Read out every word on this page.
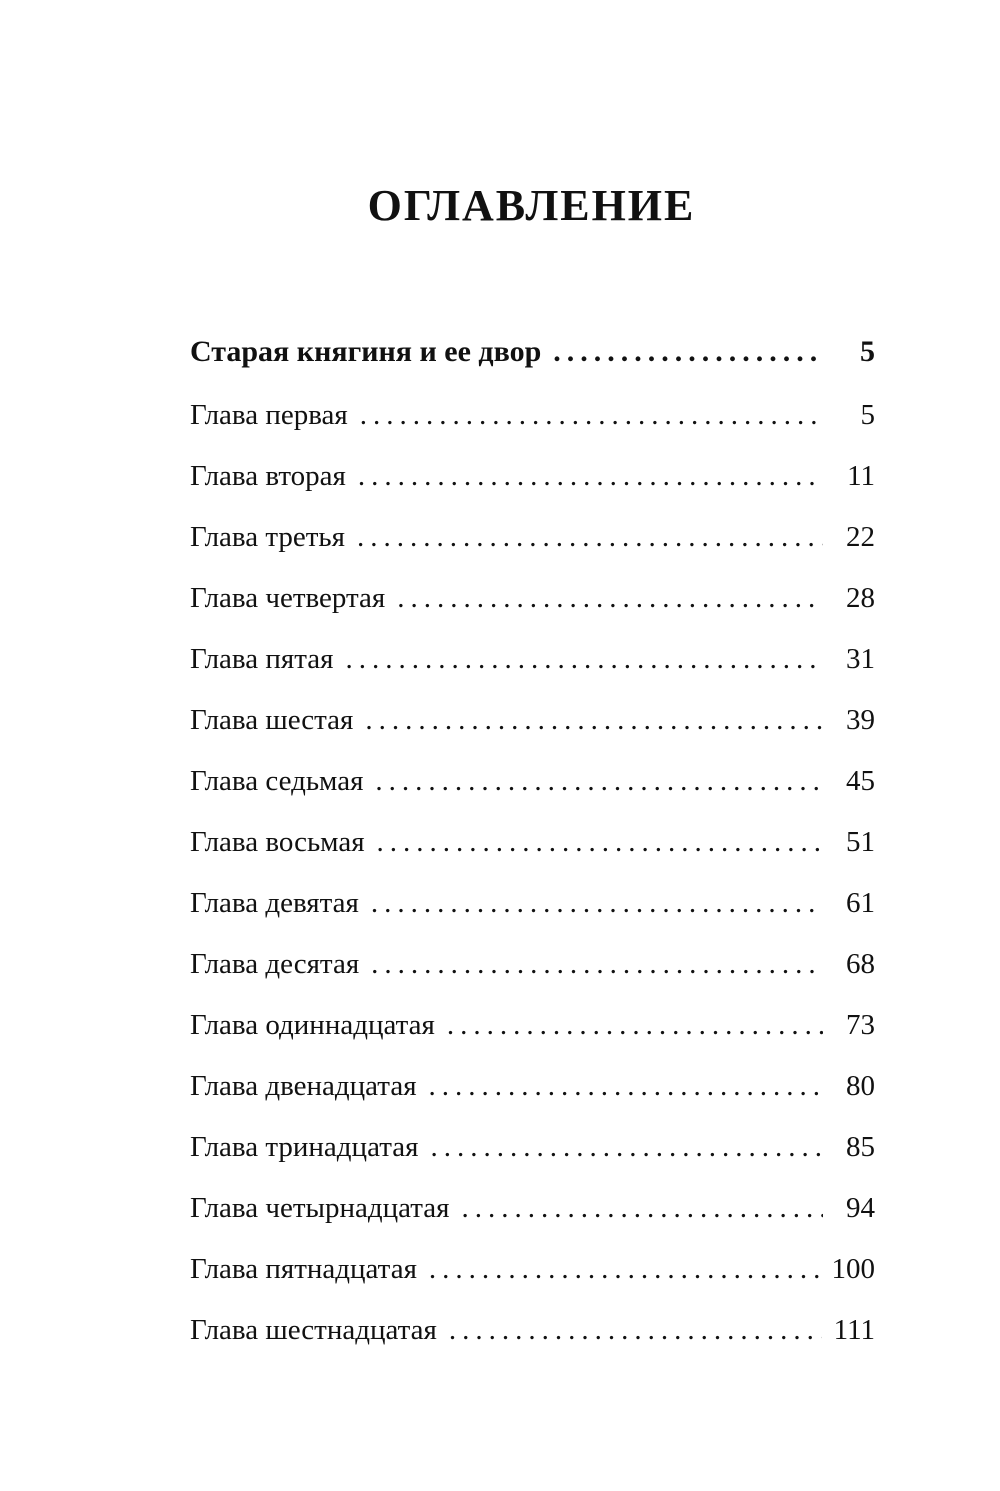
ОГЛАВЛЕНИЕ
Старая княгиня и ее двор .....	5
Глава первая .....	5
Глава вторая .....	11
Глава третья .....	22
Глава четвертая .....	28
Глава пятая .....	31
Глава шестая .....	39
Глава седьмая .....	45
Глава восьмая .....	51
Глава девятая .....	61
Глава десятая .....	68
Глава одиннадцатая .....	73
Глава двенадцатая .....	80
Глава тринадцатая .....	85
Глава четырнадцатая .....	94
Глава пятнадцатая .....	100
Глава шестнадцатая .....	111
